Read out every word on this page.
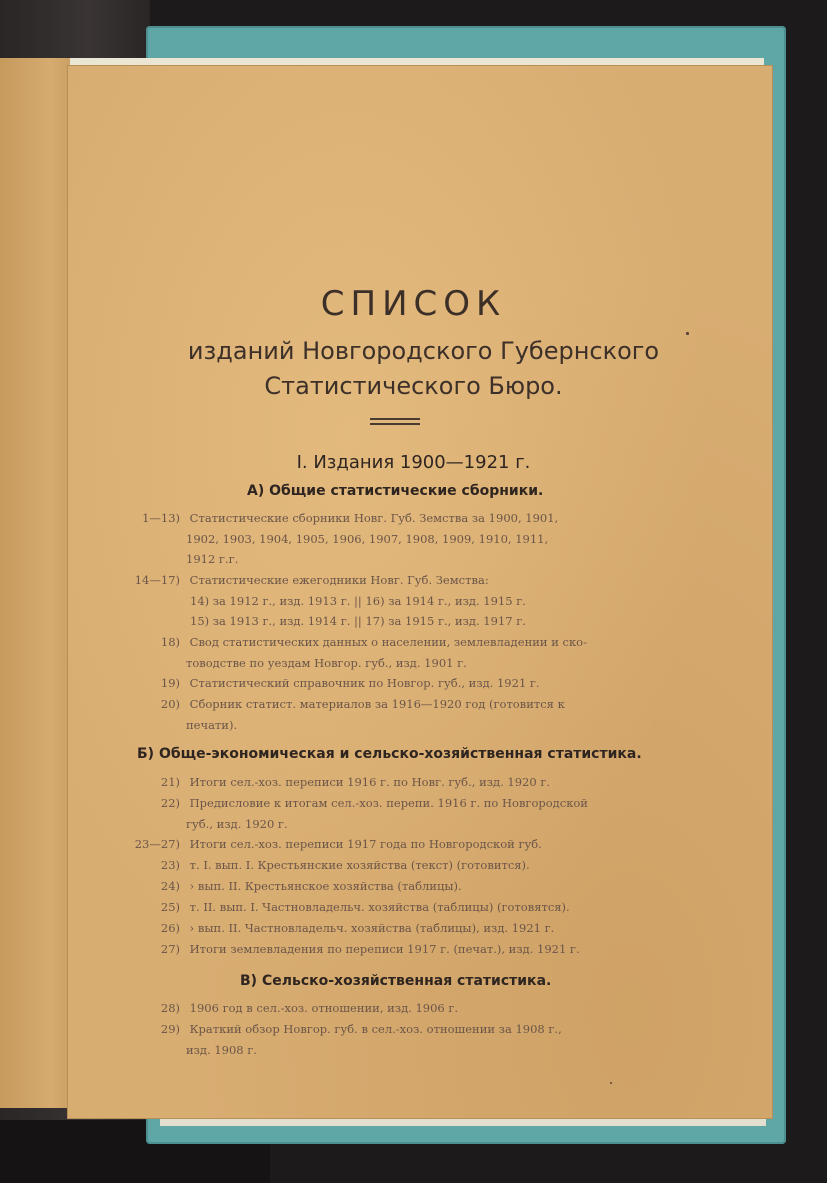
СПИСОК
изданий Новгородского Губернского
Статистического Бюро.
I. Издания 1900—1921 г.
А) Общие статистические сборники.
1—13) Статистические сборники Новг. Губ. Земства за 1900, 1901,
1902, 1903, 1904, 1905, 1906, 1907, 1908, 1909, 1910, 1911,
1912 г.г.
14—17) Статистические ежегодники Новг. Губ. Земства:
14) за 1912 г., изд. 1913 г. || 16) за 1914 г., изд. 1915 г.
15) за 1913 г., изд. 1914 г. || 17) за 1915 г., изд. 1917 г.
18) Свод статистических данных о населении, землевладении и ско-
товодстве по уездам Новгор. губ., изд. 1901 г.
19) Статистический справочник по Новгор. губ., изд. 1921 г.
20) Сборник статист. материалов за 1916—1920 год (готовится к
печати).
Б) Обще-экономическая и сельско-хозяйственная статистика.
21) Итоги сел.-хоз. переписи 1916 г. по Новг. губ., изд. 1920 г.
22) Предисловие к итогам сел.-хоз. перепи. 1916 г. по Новгородской
губ., изд. 1920 г.
23—27) Итоги сел.-хоз. переписи 1917 года по Новгородской губ.
23) т. I. вып. I. Крестьянские хозяйства (текст) (готовится).
24) › вып. II. Крестьянское хозяйства (таблицы).
25) т. II. вып. I. Частновладельч. хозяйства (таблицы) (готовятся).
26) › вып. II. Частновладельч. хозяйства (таблицы), изд. 1921 г.
27) Итоги землевладения по переписи 1917 г. (печат.), изд. 1921 г.
В) Сельско-хозяйственная статистика.
28) 1906 год в сел.-хоз. отношении, изд. 1906 г.
29) Краткий обзор Новгор. губ. в сел.-хоз. отношении за 1908 г.,
изд. 1908 г.
